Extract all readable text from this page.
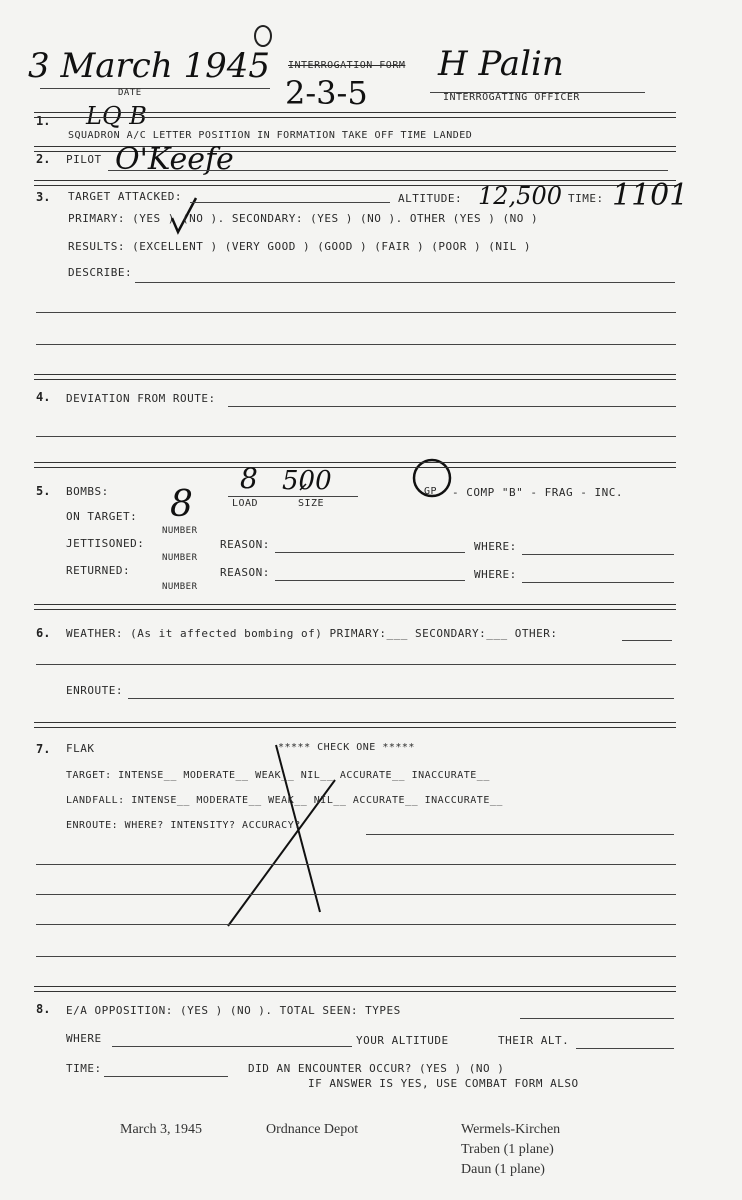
3 March 1945
DATE
INTERROGATION FORM
2-3-5
H Palin
INTERROGATING OFFICER
1. LQ B
SQUADRON A/C LETTER POSITION IN FORMATION TAKE OFF TIME LANDED
2. PILOT O'Keefe
3. TARGET ATTACKED:	ALTITUDE: 12,500 TIME: 1101
PRIMARY: (YES ) (NO ). SECONDARY: (YES ) (NO ). OTHER (YES ) (NO )
RESULTS: (EXCELLENT ) (VERY GOOD ) (GOOD ) (FAIR ) (POOR ) (NIL )
DESCRIBE:
4. DEVIATION FROM ROUTE:
5. BOMBS:	8 500
LOAD	SIZE
GP - COMP "B" - FRAG - INC.
ON TARGET: 8
NUMBER
JETTISONED:
NUMBER
REASON:	WHERE:
RETURNED:
NUMBER
REASON:	WHERE:
6. WEATHER: (As it affected bombing of) PRIMARY:___ SECONDARY:___ OTHER:
ENROUTE:
7. FLAK	***** CHECK ONE *****
TARGET: INTENSE__ MODERATE__ WEAK__ NIL__ ACCURATE__ INACCURATE__
LANDFALL: INTENSE__ MODERATE__ WEAK__ NIL__ ACCURATE__ INACCURATE__
ENROUTE: WHERE? INTENSITY? ACCURACY?
8. E/A OPPOSITION: (YES ) (NO ). TOTAL SEEN: TYPES
WHERE	YOUR ALTITUDE	THEIR ALT.
TIME:	DID AN ENCOUNTER OCCUR? (YES ) (NO )
IF ANSWER IS YES, USE COMBAT FORM ALSO
March 3, 1945	Ordnance Depot	Wermels-Kirchen
Traben (1 plane)
Daun (1 plane)
